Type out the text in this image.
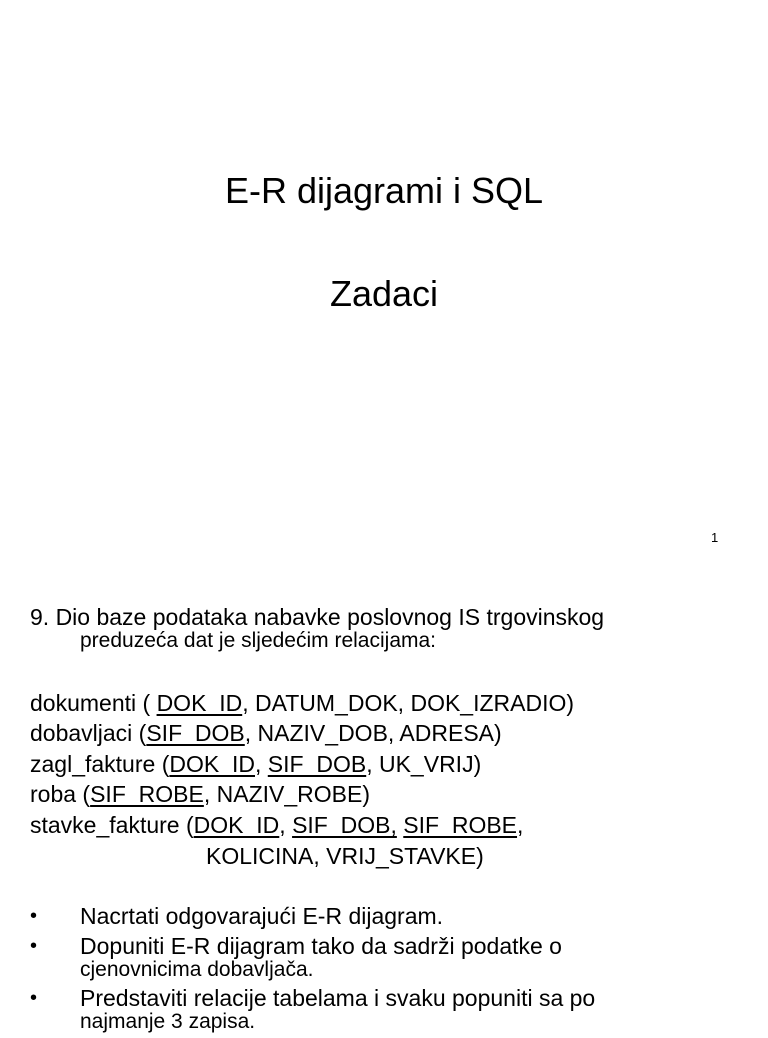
E-R dijagrami i SQL
Zadaci
1

9. Dio baze podataka nabavke poslovnog IS trgovinskog
preduzeća dat je sljedećim relacijama:

dokumenti ( DOK_ID, DATUM_DOK, DOK_IZRADIO)
dobavljaci (SIF_DOB, NAZIV_DOB, ADRESA)
zagl_fakture (DOK_ID, SIF_DOB, UK_VRIJ)
roba (SIF_ROBE, NAZIV_ROBE)
stavke_fakture (DOK_ID, SIF_DOB, SIF_ROBE,
KOLICINA, VRIJ_STAVKE)
• Nacrtati odgovarajući E-R dijagram.
• Dopuniti E-R dijagram tako da sadrži podatke o
cjenovnicima dobavljača.
• Predstaviti relacije tabelama i svaku popuniti sa po
najmanje 3 zapisa.
